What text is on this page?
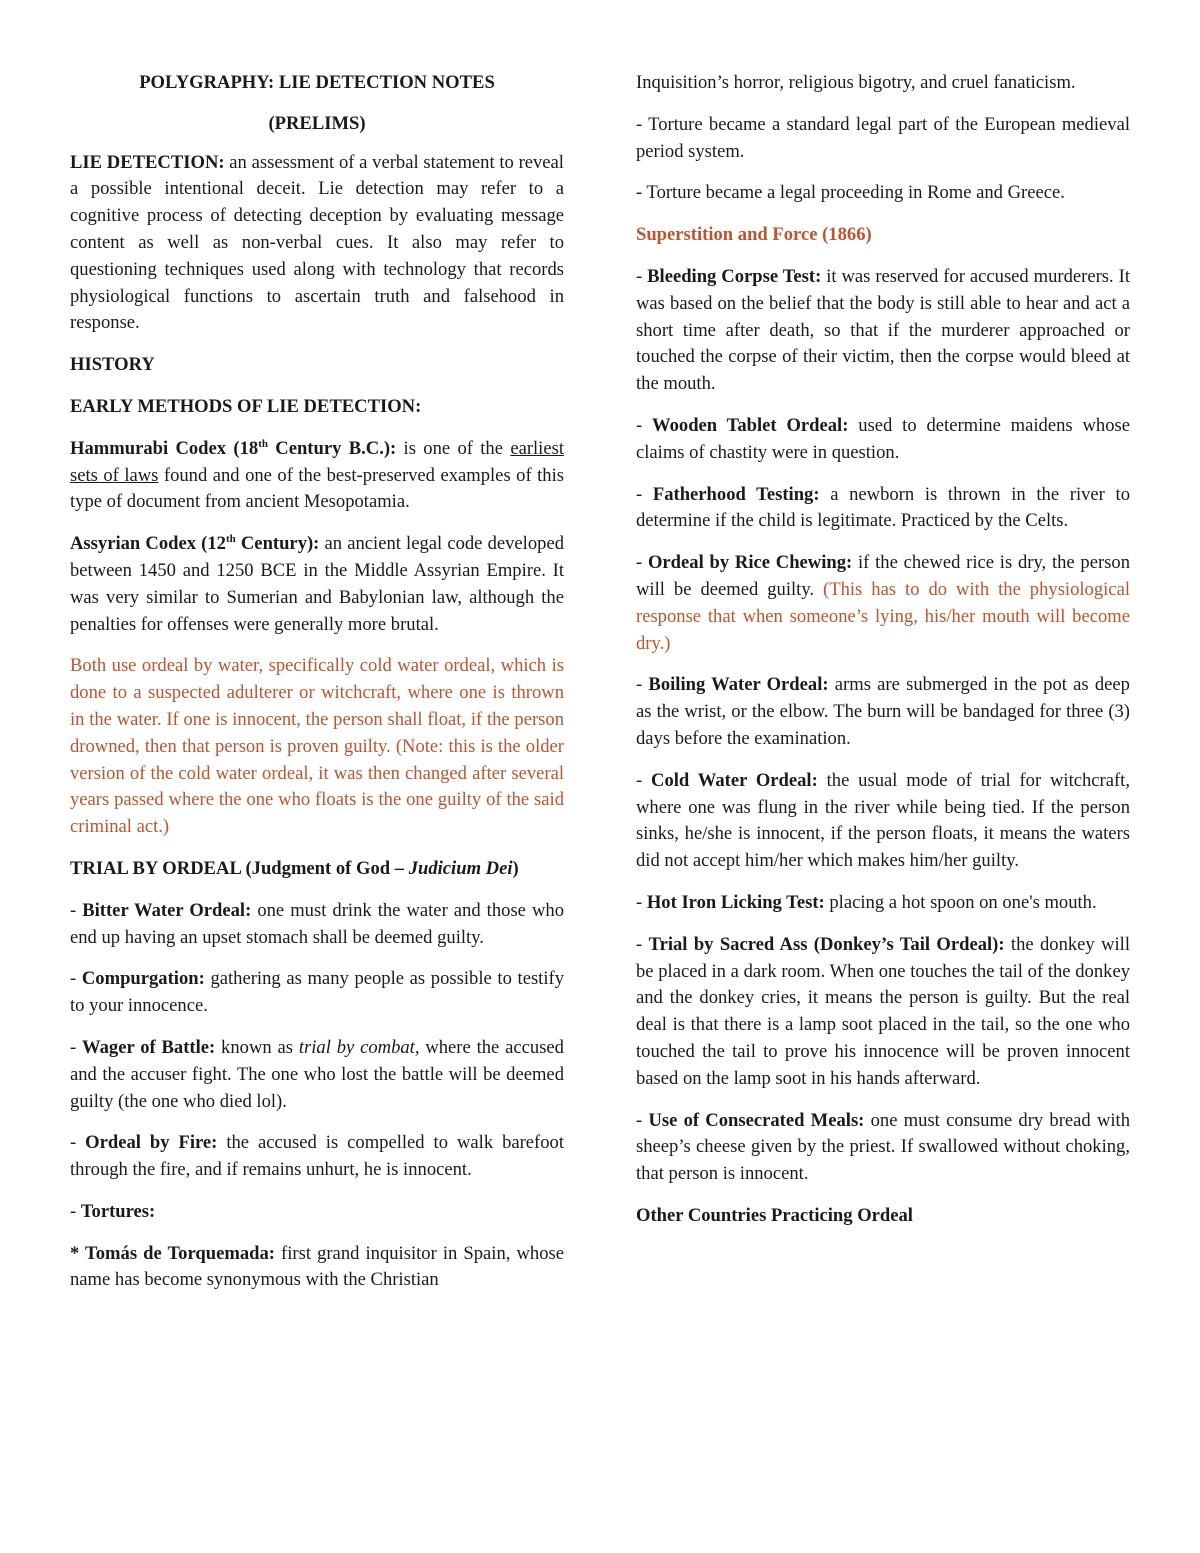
POLYGRAPHY: LIE DETECTION NOTES

(PRELIMS)

LIE DETECTION: an assessment of a verbal statement to reveal a possible intentional deceit. Lie detection may refer to a cognitive process of detecting deception by evaluating message content as well as non-verbal cues. It also may refer to questioning techniques used along with technology that records physiological functions to ascertain truth and falsehood in response.

HISTORY

EARLY METHODS OF LIE DETECTION:

Hammurabi Codex (18th Century B.C.): is one of the earliest sets of laws found and one of the best-preserved examples of this type of document from ancient Mesopotamia.

Assyrian Codex (12th Century): an ancient legal code developed between 1450 and 1250 BCE in the Middle Assyrian Empire. It was very similar to Sumerian and Babylonian law, although the penalties for offenses were generally more brutal.

Both use ordeal by water, specifically cold water ordeal, which is done to a suspected adulterer or witchcraft, where one is thrown in the water. If one is innocent, the person shall float, if the person drowned, then that person is proven guilty. (Note: this is the older version of the cold water ordeal, it was then changed after several years passed where the one who floats is the one guilty of the said criminal act.)

TRIAL BY ORDEAL (Judgment of God – Judicium Dei)

- Bitter Water Ordeal: one must drink the water and those who end up having an upset stomach shall be deemed guilty.

- Compurgation: gathering as many people as possible to testify to your innocence.

- Wager of Battle: known as trial by combat, where the accused and the accuser fight. The one who lost the battle will be deemed guilty (the one who died lol).

- Ordeal by Fire: the accused is compelled to walk barefoot through the fire, and if remains unhurt, he is innocent.

- Tortures:

* Tomás de Torquemada: first grand inquisitor in Spain, whose name has become synonymous with the Christian

Inquisition’s horror, religious bigotry, and cruel fanaticism.

- Torture became a standard legal part of the European medieval period system.

- Torture became a legal proceeding in Rome and Greece.

Superstition and Force (1866)

- Bleeding Corpse Test: it was reserved for accused murderers. It was based on the belief that the body is still able to hear and act a short time after death, so that if the murderer approached or touched the corpse of their victim, then the corpse would bleed at the mouth.

- Wooden Tablet Ordeal: used to determine maidens whose claims of chastity were in question.

- Fatherhood Testing: a newborn is thrown in the river to determine if the child is legitimate. Practiced by the Celts.

- Ordeal by Rice Chewing: if the chewed rice is dry, the person will be deemed guilty. (This has to do with the physiological response that when someone’s lying, his/her mouth will become dry.)

- Boiling Water Ordeal: arms are submerged in the pot as deep as the wrist, or the elbow. The burn will be bandaged for three (3) days before the examination.

- Cold Water Ordeal: the usual mode of trial for witchcraft, where one was flung in the river while being tied. If the person sinks, he/she is innocent, if the person floats, it means the waters did not accept him/her which makes him/her guilty.

- Hot Iron Licking Test: placing a hot spoon on one's mouth.

- Trial by Sacred Ass (Donkey’s Tail Ordeal): the donkey will be placed in a dark room. When one touches the tail of the donkey and the donkey cries, it means the person is guilty. But the real deal is that there is a lamp soot placed in the tail, so the one who touched the tail to prove his innocence will be proven innocent based on the lamp soot in his hands afterward.

- Use of Consecrated Meals: one must consume dry bread with sheep’s cheese given by the priest. If swallowed without choking, that person is innocent.

Other Countries Practicing Ordeal
